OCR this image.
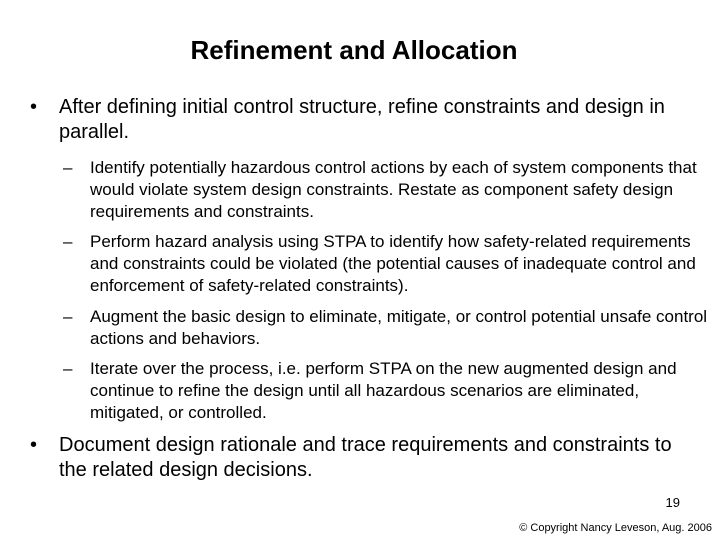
Refinement and Allocation
•	After defining initial control structure, refine constraints and design in parallel.
–	Identify potentially hazardous control actions by each of system components that would violate system design constraints. Restate as component safety design requirements and constraints.
–	Perform hazard analysis using STPA to identify how safety-related requirements and constraints could be violated (the potential causes of inadequate control and enforcement of safety-related constraints).
–	Augment the basic design to eliminate, mitigate, or control potential unsafe control actions and behaviors.
–	Iterate over the process, i.e. perform STPA on the new augmented design and continue to refine the design until all hazardous scenarios are eliminated, mitigated, or controlled.
•	Document design rationale and trace requirements and constraints to the related design decisions.
19
© Copyright Nancy Leveson, Aug. 2006
